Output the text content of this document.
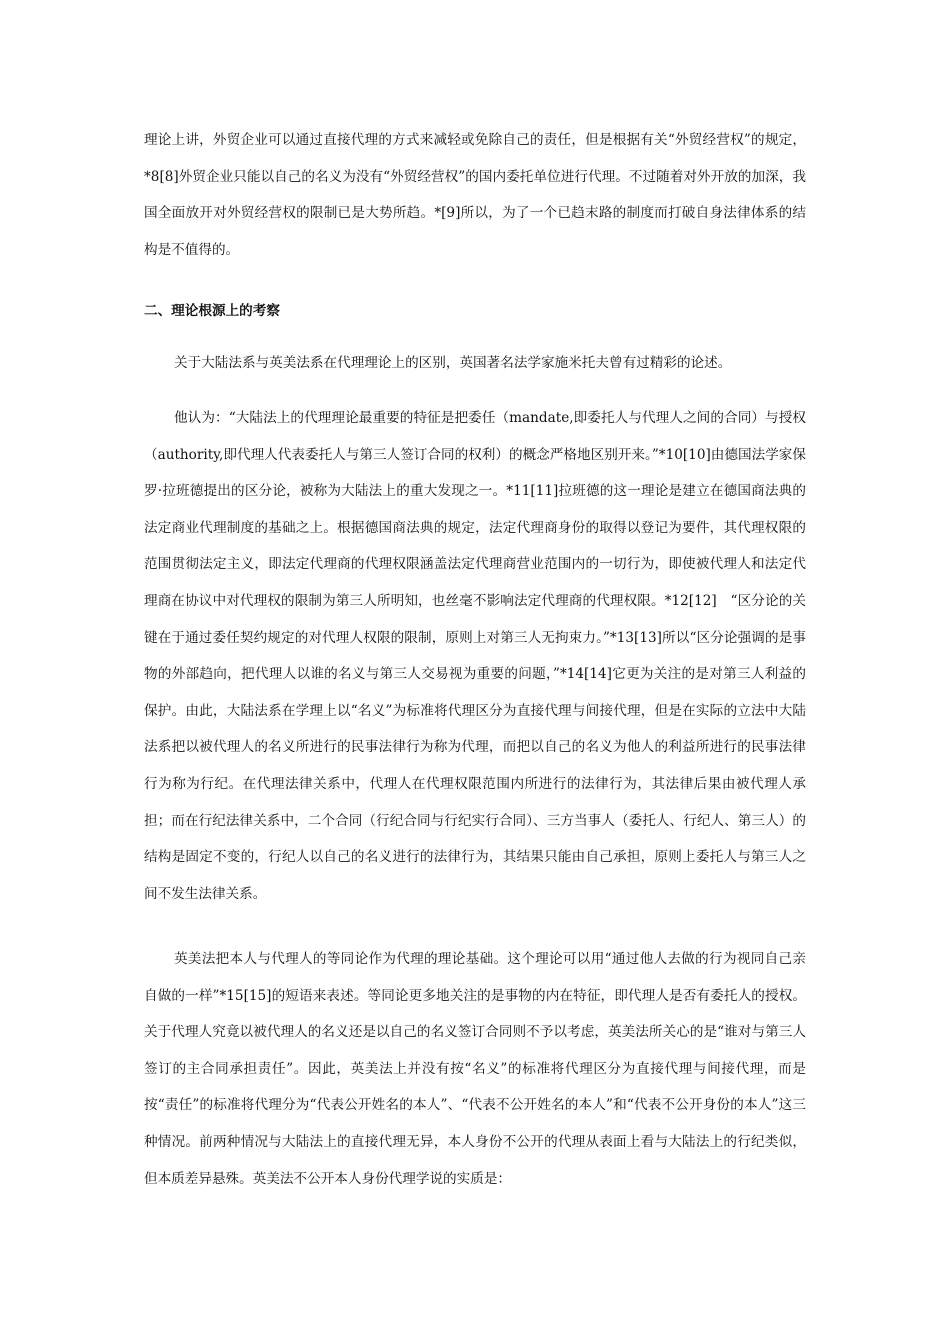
理论上讲，外贸企业可以通过直接代理的方式来减轻或免除自己的责任，但是根据有关“外贸经营权”的规定，*8[8]外贸企业只能以自己的名义为没有“外贸经营权”的国内委托单位进行代理。不过随着对外开放的加深，我国全面放开对外贸经营权的限制已是大势所趋。*[9]所以，为了一个已趋末路的制度而打破自身法律体系的结构是不值得的。

二、理论根源上的考察

关于大陆法系与英美法系在代理理论上的区别，英国著名法学家施米托夫曾有过精彩的论述。

他认为：“大陆法上的代理理论最重要的特征是把委任（mandate,即委托人与代理人之间的合同）与授权（authority,即代理人代表委托人与第三人签订合同的权利）的概念严格地区别开来。”*10[10]由德国法学家保罗·拉班德提出的区分论，被称为大陆法上的重大发现之一。*11[11]拉班德的这一理论是建立在德国商法典的法定商业代理制度的基础之上。根据德国商法典的规定，法定代理商身份的取得以登记为要件，其代理权限的范围贯彻法定主义，即法定代理商的代理权限涵盖法定代理商营业范围内的一切行为，即使被代理人和法定代理商在协议中对代理权的限制为第三人所明知，也丝毫不影响法定代理商的代理权限。*12[12]　“区分论的关键在于通过委任契约规定的对代理人权限的限制，原则上对第三人无拘束力。”*13[13]所以“区分论强调的是事物的外部趋向，把代理人以谁的名义与第三人交易视为重要的问题，”*14[14]它更为关注的是对第三人利益的保护。由此，大陆法系在学理上以“名义”为标准将代理区分为直接代理与间接代理，但是在实际的立法中大陆法系把以被代理人的名义所进行的民事法律行为称为代理，而把以自己的名义为他人的利益所进行的民事法律行为称为行纪。在代理法律关系中，代理人在代理权限范围内所进行的法律行为，其法律后果由被代理人承担；而在行纪法律关系中，二个合同（行纪合同与行纪实行合同）、三方当事人（委托人、行纪人、第三人）的结构是固定不变的，行纪人以自己的名义进行的法律行为，其结果只能由自己承担，原则上委托人与第三人之间不发生法律关系。

英美法把本人与代理人的等同论作为代理的理论基础。这个理论可以用“通过他人去做的行为视同自己亲自做的一样”*15[15]的短语来表述。等同论更多地关注的是事物的内在特征，即代理人是否有委托人的授权。关于代理人究竟以被代理人的名义还是以自己的名义签订合同则不予以考虑，英美法所关心的是“谁对与第三人签订的主合同承担责任”。因此，英美法上并没有按“名义”的标准将代理区分为直接代理与间接代理，而是按“责任”的标准将代理分为“代表公开姓名的本人”、“代表不公开姓名的本人”和“代表不公开身份的本人”这三种情况。前两种情况与大陆法上的直接代理无异，本人身份不公开的代理从表面上看与大陆法上的行纪类似，但本质差异悬殊。英美法不公开本人身份代理学说的实质是：
